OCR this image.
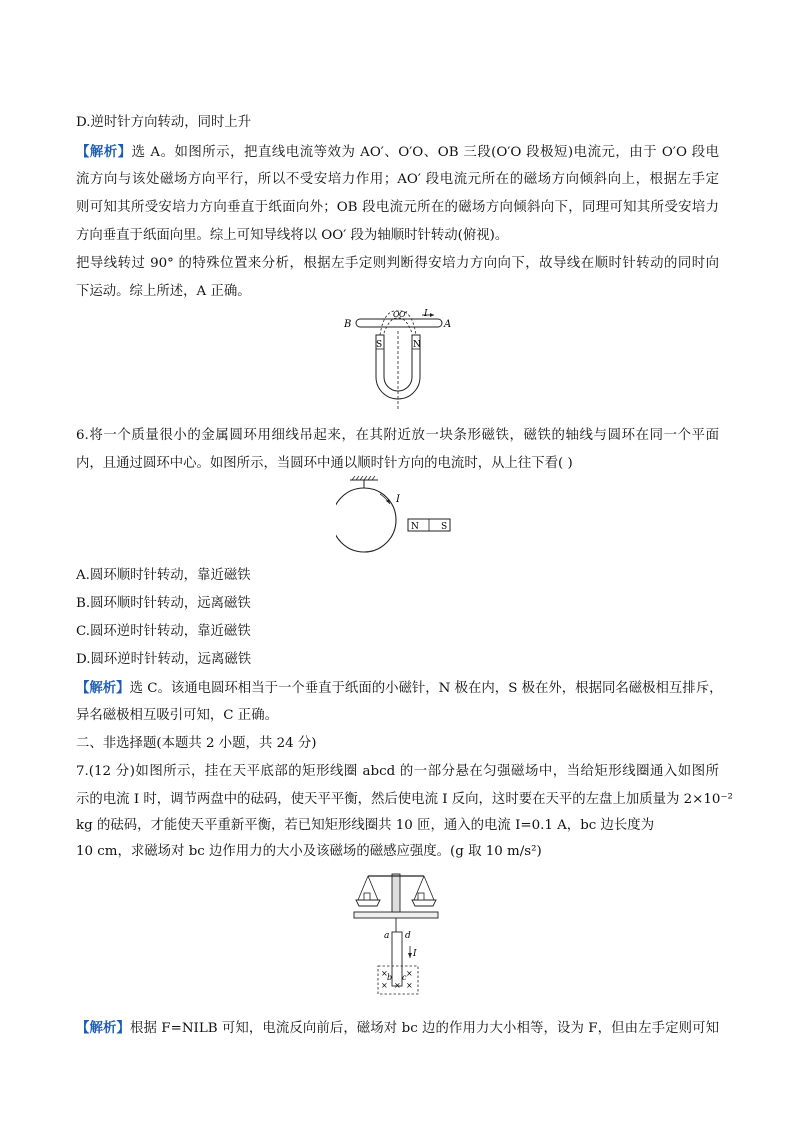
D.逆时针方向转动，同时上升
【解析】选 A。如图所示，把直线电流等效为 AO′、O′O、OB 三段(O′O 段极短)电流元，由于 O′O 段电
流方向与该处磁场方向平行，所以不受安培力作用；AO′ 段电流元所在的磁场方向倾斜向上，根据左手定
则可知其所受安培力方向垂直于纸面向外；OB 段电流元所在的磁场方向倾斜向下，同理可知其所受安培力
方向垂直于纸面向里。综上可知导线将以 OO′ 段为轴顺时针转动(俯视)。
把导线转过 90° 的特殊位置来分析，根据左手定则判断得安培力方向向下，故导线在顺时针转动的同时向
下运动。综上所述，A 正确。
B	A
I
O O′
S	N
6.将一个质量很小的金属圆环用细线吊起来，在其附近放一块条形磁铁，磁铁的轴线与圆环在同一个平面
内，且通过圆环中心。如图所示，当圆环中通以顺时针方向的电流时，从上往下看( )
I
N S
A.圆环顺时针转动，靠近磁铁
B.圆环顺时针转动，远离磁铁
C.圆环逆时针转动，靠近磁铁
D.圆环逆时针转动，远离磁铁
【解析】选 C。该通电圆环相当于一个垂直于纸面的小磁针，N 极在内，S 极在外，根据同名磁极相互排斥，
异名磁极相互吸引可知，C 正确。
二、非选择题(本题共 2 小题，共 24 分)
7.(12 分)如图所示，挂在天平底部的矩形线圈 abcd 的一部分悬在匀强磁场中，当给矩形线圈通入如图所
示的电流 I 时，调节两盘中的砝码，使天平平衡，然后使电流 I 反向，这时要在天平的左盘上加质量为 2×10⁻²
kg 的砝码，才能使天平重新平衡，若已知矩形线圈共 10 匝，通入的电流 I=0.1 A，bc 边长度为
10 cm，求磁场对 bc 边作用力的大小及该磁场的磁感应强度。(g 取 10 m/s²)
a d
I
× ×
× × ×
b c
【解析】根据 F=NILB 可知，电流反向前后，磁场对 bc 边的作用力大小相等，设为 F，但由左手定则可知
